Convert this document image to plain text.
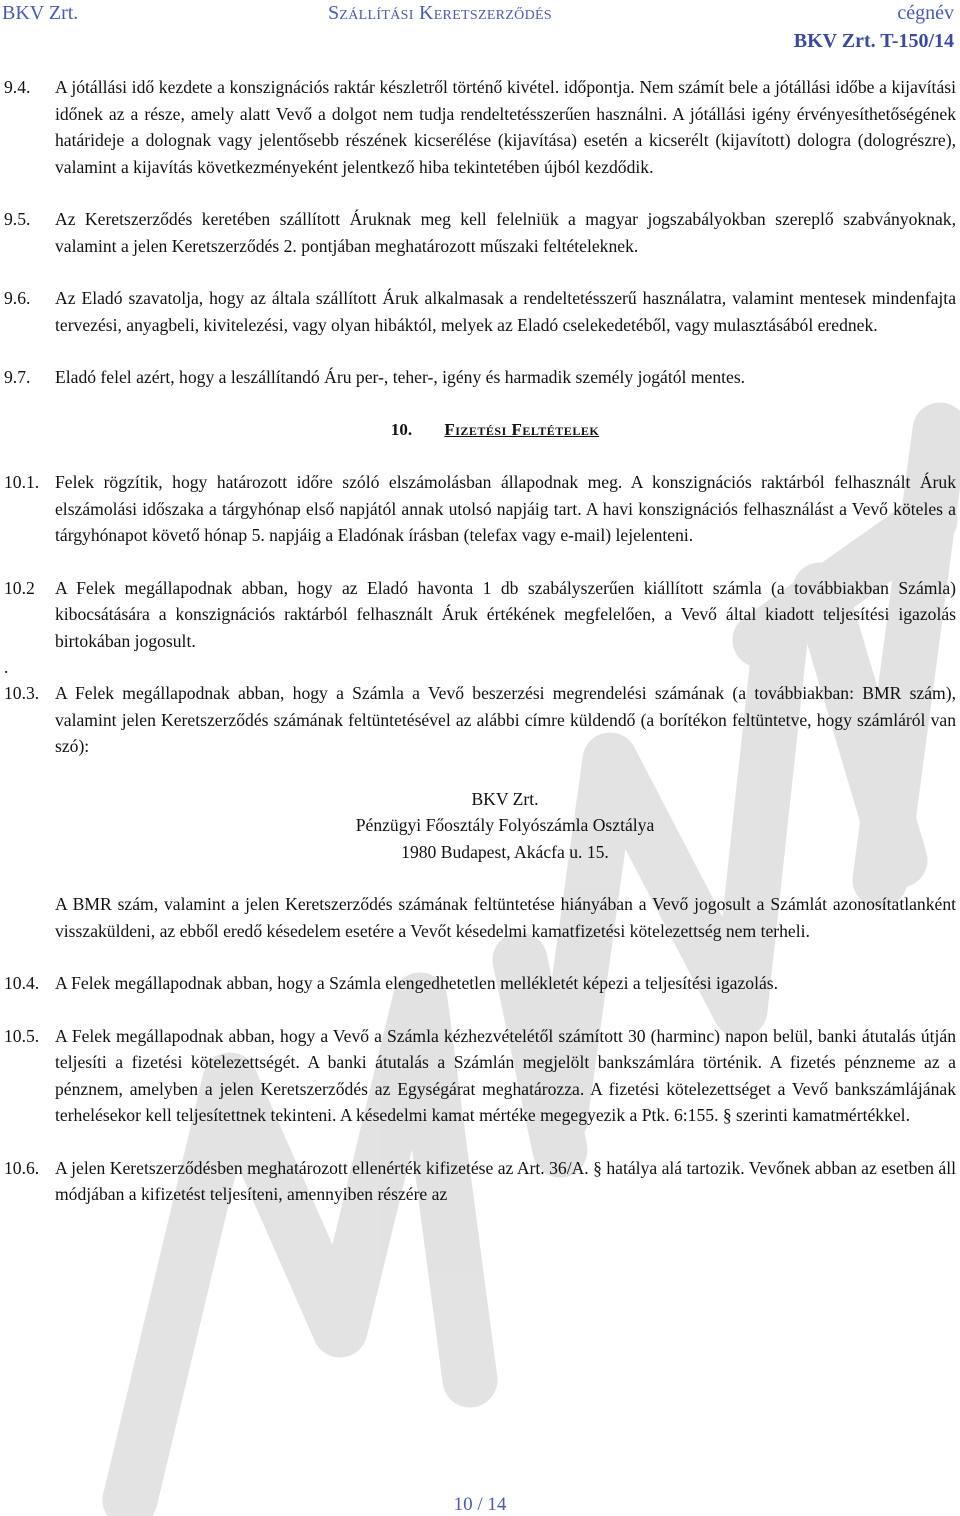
BKV Zrt.	Szállítási Keretszerződés	cégnév
BKV Zrt. T-150/14

9.4. A jótállási idő kezdete a konszignációs raktár készletről történő kivétel. időpontja. Nem számít bele a jótállási időbe a kijavítási időnek az a része, amely alatt Vevő a dolgot nem tudja rendeltetésszerűen használni. A jótállási igény érvényesíthetőségének határideje a dolognak vagy jelentősebb részének kicserélése (kijavítása) esetén a kicserélt (kijavított) dologra (dologrészre), valamint a kijavítás következményeként jelentkező hiba tekintetében újból kezdődik.

9.5. Az Keretszerződés keretében szállított Áruknak meg kell felelniük a magyar jogszabályokban szereplő szabványoknak, valamint a jelen Keretszerződés 2. pontjában meghatározott műszaki feltételeknek.

9.6. Az Eladó szavatolja, hogy az általa szállított Áruk alkalmasak a rendeltetésszerű használatra, valamint mentesek mindenfajta tervezési, anyagbeli, kivitelezési, vagy olyan hibáktól, melyek az Eladó cselekedetéből, vagy mulasztásából erednek.

9.7. Eladó felel azért, hogy a leszállítandó Áru per-, teher-, igény és harmadik személy jogától mentes.

10. Fizetési Feltételek

10.1. Felek rögzítik, hogy határozott időre szóló elszámolásban állapodnak meg. A konszignációs raktárból felhasznált Áruk elszámolási időszaka a tárgyhónap első napjától annak utolsó napjáig tart. A havi konszignációs felhasználást a Vevő köteles a tárgyhónapot követő hónap 5. napjáig a Eladónak írásban (telefax vagy e-mail) lejelenteni.

10.2 A Felek megállapodnak abban, hogy az Eladó havonta 1 db szabályszerűen kiállított számla (a továbbiakban Számla) kibocsátására a konszignációs raktárból felhasznált Áruk értékének megfelelően, a Vevő által kiadott teljesítési igazolás birtokában jogosult.

.

10.3. A Felek megállapodnak abban, hogy a Számla a Vevő beszerzési megrendelési számának (a továbbiakban: BMR szám), valamint jelen Keretszerződés számának feltüntetésével az alábbi címre küldendő (a borítékon feltüntetve, hogy számláról van szó):

BKV Zrt.

Pénzügyi Főosztály Folyószámla Osztálya

1980 Budapest, Akácfa u. 15.

A BMR szám, valamint a jelen Keretszerződés számának feltüntetése hiányában a Vevő jogosult a Számlát azonosítatlanként visszaküldeni, az ebből eredő késedelem esetére a Vevőt késedelmi kamatfizetési kötelezettség nem terheli.

10.4. A Felek megállapodnak abban, hogy a Számla elengedhetetlen mellékletét képezi a teljesítési igazolás.

10.5. A Felek megállapodnak abban, hogy a Vevő a Számla kézhezvételétől számított 30 (harminc) napon belül, banki átutalás útján teljesíti a fizetési kötelezettségét. A banki átutalás a Számlán megjelölt bankszámlára történik. A fizetés pénzneme az a pénznem, amelyben a jelen Keretszerződés az Egységárat meghatározza. A fizetési kötelezettséget a Vevő bankszámlájának terhelésekor kell teljesítettnek tekinteni. A késedelmi kamat mértéke megegyezik a Ptk. 6:155. § szerinti kamatmértékkel.

10.6. A jelen Keretszerződésben meghatározott ellenérték kifizetése az Art. 36/A. § hatálya alá tartozik. Vevőnek abban az esetben áll módjában a kifizetést teljesíteni, amennyiben részére az

10 / 14
